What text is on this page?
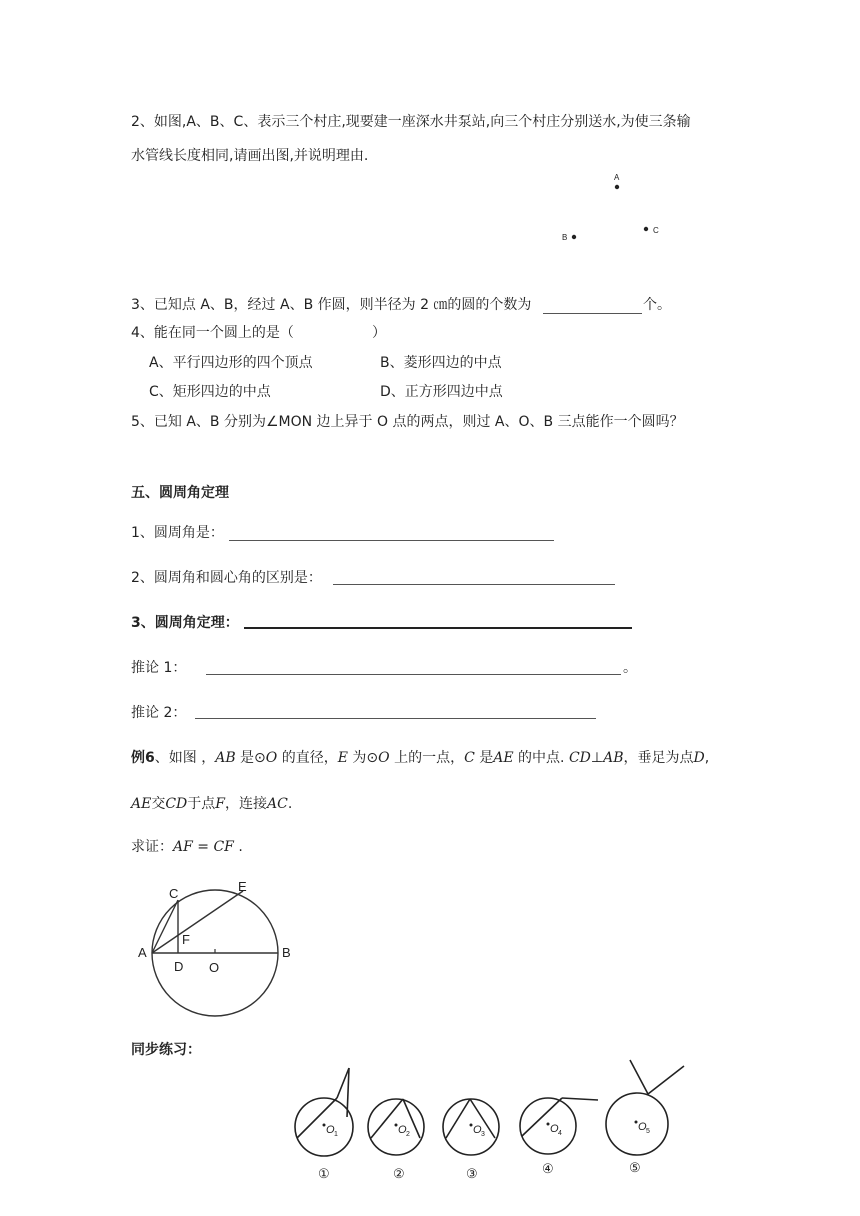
2、如图,A、B、C、表示三个村庄,现要建一座深水井泵站,向三个村庄分别送水,为使三条输
水管线长度相同,请画出图,并说明理由.
A
B
C
3、已知点 A、B，经过 A、B 作圆，则半径为 2 ㎝的圆的个数为	个。
4、能在同一个圆上的是（	）
A、平行四边形的四个顶点	B、菱形四边的中点
C、矩形四边的中点	D、正方形四边中点
5、已知 A、B 分别为∠MON 边上异于 O 点的两点，则过 A、O、B 三点能作一个圆吗？
五、圆周角定理
1、圆周角是：
2、圆周角和圆心角的区别是：
3、圆周角定理：
推论 1：	。
推论 2：
例6、如图 ，AB 是⊙O 的直径，E 为⊙O 上的一点，C 是AE 的中点. CD⊥AB，垂足为点D,
AE交CD于点F，连接AC.
求证：AF = CF .
C	E
F
A	B
D O
同步练习：
O 1
①
O 2
②
O 3
③
O 4
④
O 5
⑤
